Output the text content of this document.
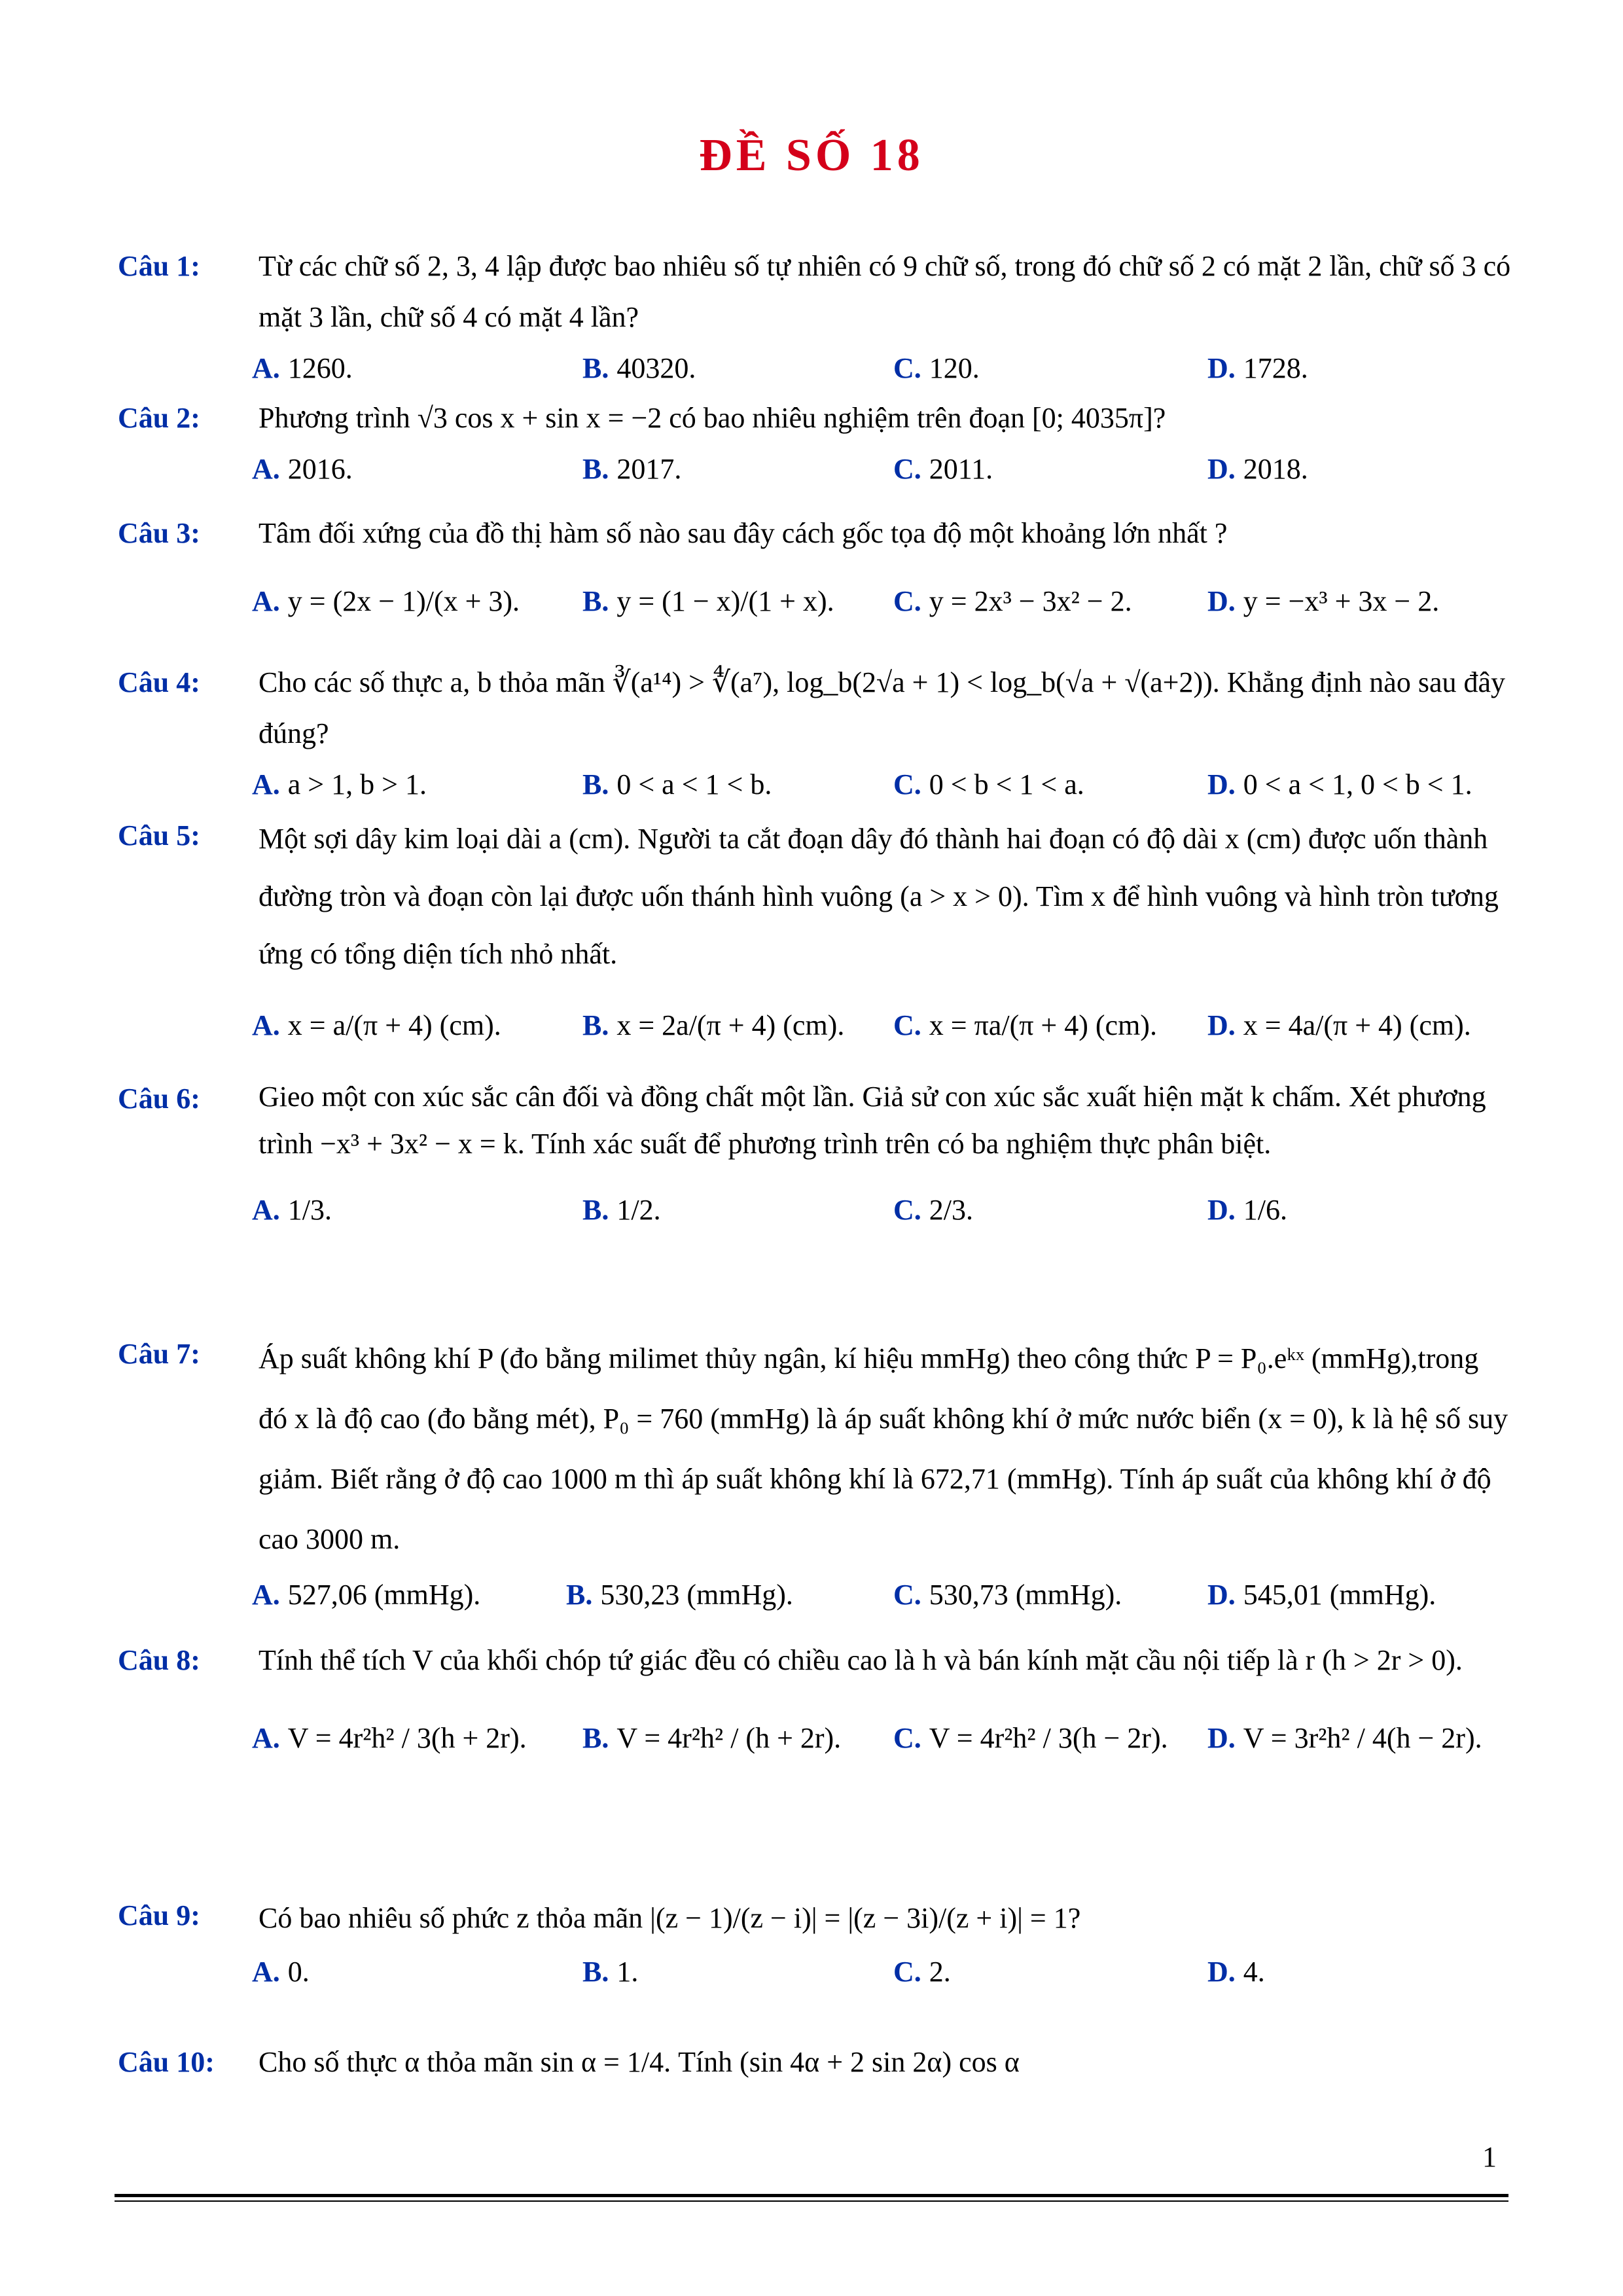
ĐỀ SỐ 18
Câu 1: Từ các chữ số 2, 3, 4 lập được bao nhiêu số tự nhiên có 9 chữ số, trong đó chữ số 2 có mặt 2 lần, chữ số 3 có mặt 3 lần, chữ số 4 có mặt 4 lần?
A. 1260.	B. 40320.	C. 120.	D. 1728.
Câu 2: Phương trình √3 cos x + sin x = −2 có bao nhiêu nghiệm trên đoạn [0; 4035π]?
A. 2016.	B. 2017.	C. 2011.	D. 2018.
Câu 3: Tâm đối xứng của đồ thị hàm số nào sau đây cách gốc tọa độ một khoảng lớn nhất ?
A. y = (2x − 1)/(x + 3). B. y = (1 − x)/(1 + x). C. y = 2x³ − 3x² − 2.	D. y = −x³ + 3x − 2.
Câu 4: Cho các số thực a, b thỏa mãn ∛(a¹⁴) > ∜(a⁷), log_b(2√a + 1) < log_b(√a + √(a+2)). Khẳng định nào sau đây đúng?
A. a > 1, b > 1.	B. 0 < a < 1 < b.	C. 0 < b < 1 < a.	D. 0 < a < 1, 0 < b < 1.
Câu 5: Một sợi dây kim loại dài a (cm). Người ta cắt đoạn dây đó thành hai đoạn có độ dài x (cm) được uốn thành đường tròn và đoạn còn lại được uốn thánh hình vuông (a > x > 0). Tìm x để hình vuông và hình tròn tương ứng có tổng diện tích nhỏ nhất.
A. x = a/(π + 4) (cm).	B. x = 2a/(π + 4) (cm). C. x = πa/(π + 4) (cm). D. x = 4a/(π + 4) (cm).
Câu 6: Gieo một con xúc sắc cân đối và đồng chất một lần. Giả sử con xúc sắc xuất hiện mặt k chấm. Xét phương trình −x³ + 3x² − x = k. Tính xác suất để phương trình trên có ba nghiệm thực phân biệt.
A. 1/3.	B. 1/2.	C. 2/3.	D. 1/6.
Câu 7: Áp suất không khí P (đo bằng milimet thủy ngân, kí hiệu mmHg) theo công thức P = P₀.eᵏˣ (mmHg),trong đó x là độ cao (đo bằng mét), P₀ = 760 (mmHg) là áp suất không khí ở mức nước biển (x = 0), k là hệ số suy giảm. Biết rằng ở độ cao 1000 m thì áp suất không khí là 672,71 (mmHg). Tính áp suất của không khí ở độ cao 3000 m.
A. 527,06 (mmHg).	B. 530,23 (mmHg).	C. 530,73 (mmHg).	D. 545,01 (mmHg).
Câu 8: Tính thể tích V của khối chóp tứ giác đều có chiều cao là h và bán kính mặt cầu nội tiếp là r (h > 2r > 0).
A. V = 4r²h² / 3(h + 2r). B. V = 4r²h² / (h + 2r). C. V = 4r²h² / 3(h − 2r). D. V = 3r²h² / 4(h − 2r).
Câu 9: Có bao nhiêu số phức z thỏa mãn |(z − 1)/(z − i)| = |(z − 3i)/(z + i)| = 1?
A. 0.	B. 1.	C. 2.	D. 4.
Câu 10: Cho số thực α thỏa mãn sin α = 1/4. Tính (sin 4α + 2 sin 2α) cos α
1
